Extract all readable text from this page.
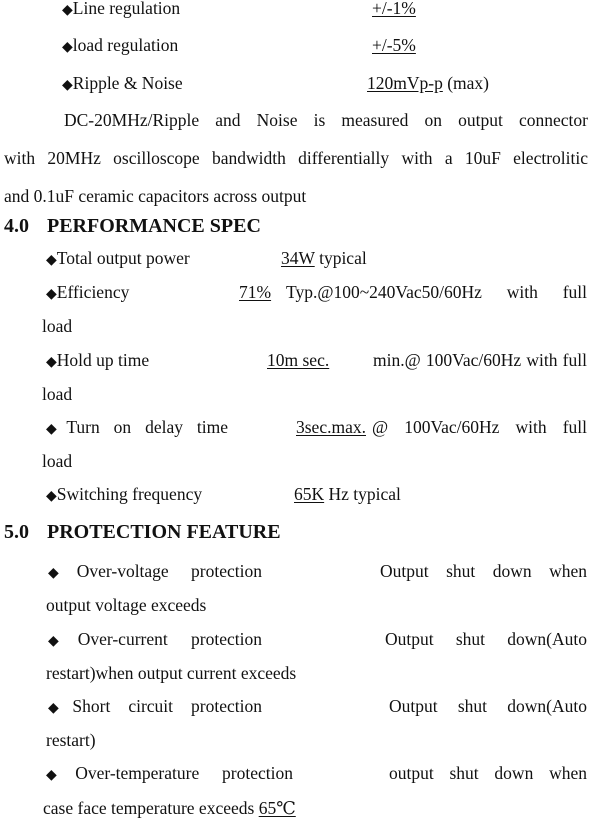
◆Line regulation	+/-1%
◆load regulation	+/-5%
◆Ripple & Noise	120mVp-p (max)
DC-20MHz/Ripple and Noise is measured on output connector
with 20MHz oscilloscope bandwidth differentially with a 10uF electrolitic
and 0.1uF ceramic capacitors across output
4.0 PERFORMANCE SPEC
◆Total output power	34W typical
◆Efficiency	71% Typ.@100~240Vac50/60Hz with full
load
◆Hold up time	10m sec.	min.@ 100Vac/60Hz with full
load
◆Turn on delay time	3sec.max. @ 100Vac/60Hz with full
load
◆Switching frequency	65K Hz typical
5.0 PROTECTION FEATURE
◆Over-voltage protection	Output shut down when
output voltage exceeds
◆Over-current protection	Output shut down(Auto
restart)when output current exceeds
◆Short circuit protection	Output shut down(Auto
restart)
◆Over-temperature protection	output shut down when
case face temperature exceeds 65℃
